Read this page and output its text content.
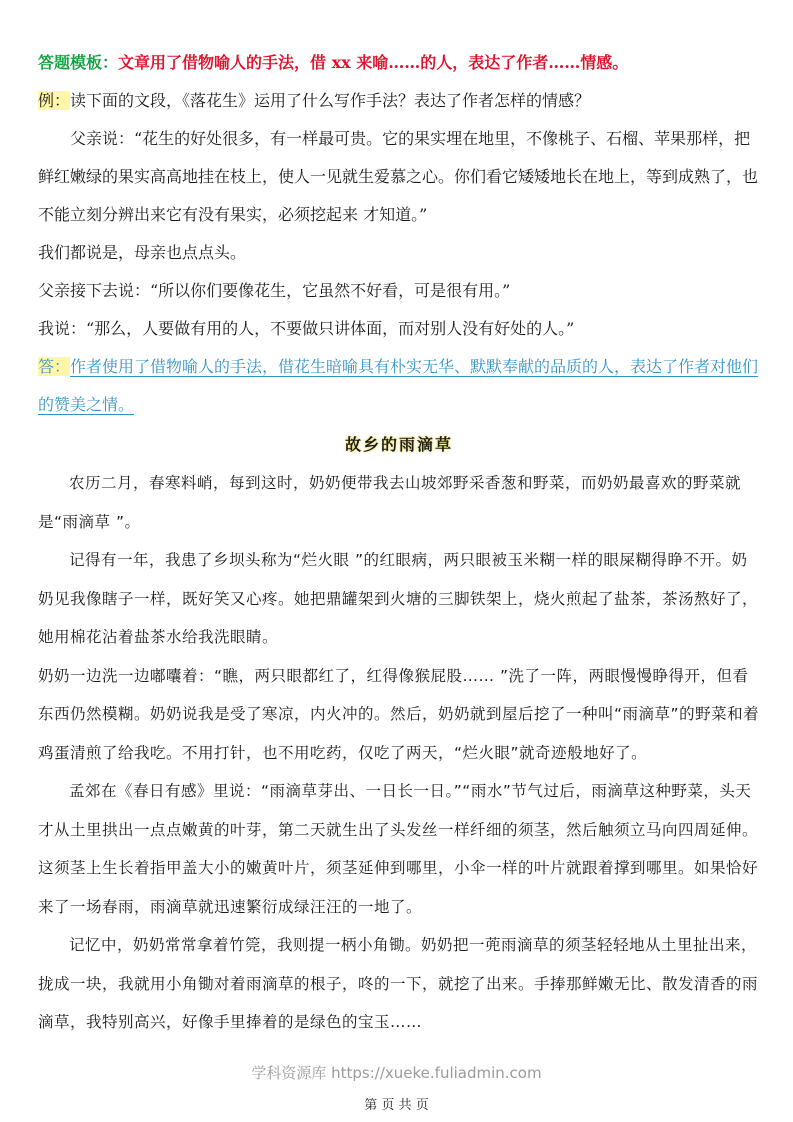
答题模板：文章用了借物喻人的手法，借 xx 来喻……的人，表达了作者……情感。

例：读下面的文段，《落花生》运用了什么写作手法？表达了作者怎样的情感？

父亲说：“花生的好处很多，有一样最可贵。它的果实埋在地里，不像桃子、石榴、苹果那样，把鲜红嫩绿的果实高高地挂在枝上，使人一见就生爱慕之心。你们看它矮矮地长在地上，等到成熟了，也不能立刻分辨出来它有没有果实，必须挖起来 才知道。”

我们都说是，母亲也点点头。

父亲接下去说：“所以你们要像花生，它虽然不好看，可是很有用。”

我说：“那么，人要做有用的人，不要做只讲体面，而对别人没有好处的人。”

答：作者使用了借物喻人的手法，借花生暗喻具有朴实无华、默默奉献的品质的人，表达了作者对他们的赞美之情。

故乡的雨滴草

农历二月，春寒料峭，每到这时，奶奶便带我去山坡郊野采香葱和野菜，而奶奶最喜欢的野菜就是“雨滴草 ”。

记得有一年，我患了乡坝头称为“烂火眼 ”的红眼病，两只眼被玉米糊一样的眼屎糊得睁不开。奶奶见我像瞎子一样，既好笑又心疼。她把鼎罐架到火塘的三脚铁架上，烧火煎起了盐茶，茶汤熬好了，她用棉花沾着盐茶水给我洗眼睛。

奶奶一边洗一边嘟囔着：“瞧，两只眼都红了，红得像猴屁股…… ”洗了一阵，两眼慢慢睁得开，但看东西仍然模糊。奶奶说我是受了寒凉，内火冲的。然后，奶奶就到屋后挖了一种叫“雨滴草”的野菜和着鸡蛋清煎了给我吃。不用打针，也不用吃药，仅吃了两天，“烂火眼”就奇迹般地好了。

孟郊在《春日有感》里说：“雨滴草芽出、一日长一日。”“雨水”节气过后，雨滴草这种野菜，头天才从土里拱出一点点嫩黄的叶芽，第二天就生出了头发丝一样纤细的须茎，然后触须立马向四周延伸。这须茎上生长着指甲盖大小的嫩黄叶片，须茎延伸到哪里，小伞一样的叶片就跟着撑到哪里。如果恰好来了一场春雨，雨滴草就迅速繁衍成绿汪汪的一地了。

记忆中，奶奶常常拿着竹筦，我则提一柄小角锄。奶奶把一蔸雨滴草的须茎轻轻地从土里扯出来，拢成一块，我就用小角锄对着雨滴草的根子，咚的一下，就挖了出来。手捧那鲜嫩无比、散发清香的雨滴草，我特别高兴，好像手里捧着的是绿色的宝玉……

学科资源库 https://xueke.fuliadmin.com
第 页 共 页
